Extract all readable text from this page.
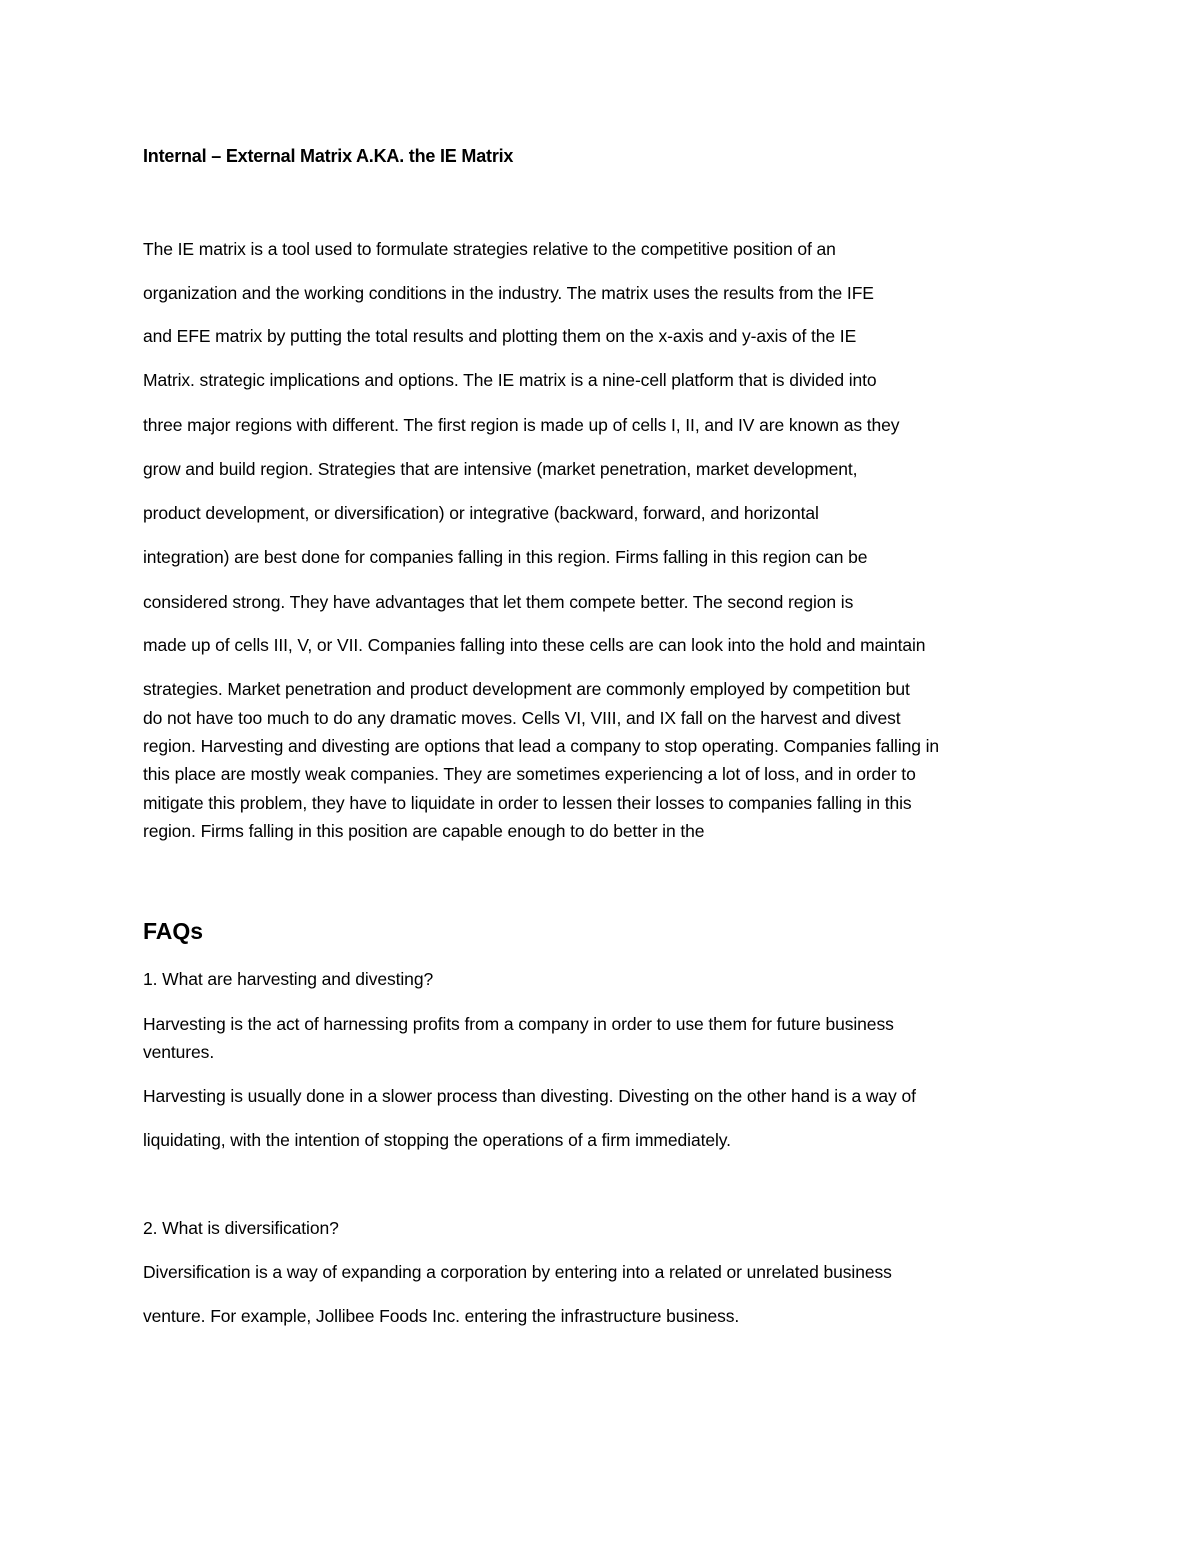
Internal – External Matrix A.KA. the IE Matrix
The IE matrix is a tool used to formulate strategies relative to the competitive position of an
organization and the working conditions in the industry. The matrix uses the results from the IFE
and EFE matrix by putting the total results and plotting them on the x-axis and y-axis of the IE
Matrix. strategic implications and options. The IE matrix is a nine-cell platform that is divided into
three major regions with different. The first region is made up of cells I, II, and IV are known as they
grow and build region. Strategies that are intensive (market penetration, market development,
product development, or diversification) or integrative (backward, forward, and horizontal
integration) are best done for companies falling in this region. Firms falling in this region can be
considered strong. They have advantages that let them compete better. The second region is
made up of cells III, V, or VII. Companies falling into these cells are can look into the hold and maintain
strategies. Market penetration and product development are commonly employed by competition but
do not have too much to do any dramatic moves. Cells VI, VIII, and IX fall on the harvest and divest
region. Harvesting and divesting are options that lead a company to stop operating. Companies falling in
this place are mostly weak companies. They are sometimes experiencing a lot of loss, and in order to
mitigate this problem, they have to liquidate in order to lessen their losses to companies falling in this
region. Firms falling in this position are capable enough to do better in the
FAQs
1. What are harvesting and divesting?
Harvesting is the act of harnessing profits from a company in order to use them for future business
ventures.
Harvesting is usually done in a slower process than divesting. Divesting on the other hand is a way of
liquidating, with the intention of stopping the operations of a firm immediately.
2. What is diversification?
Diversification is a way of expanding a corporation by entering into a related or unrelated business
venture. For example, Jollibee Foods Inc. entering the infrastructure business.
